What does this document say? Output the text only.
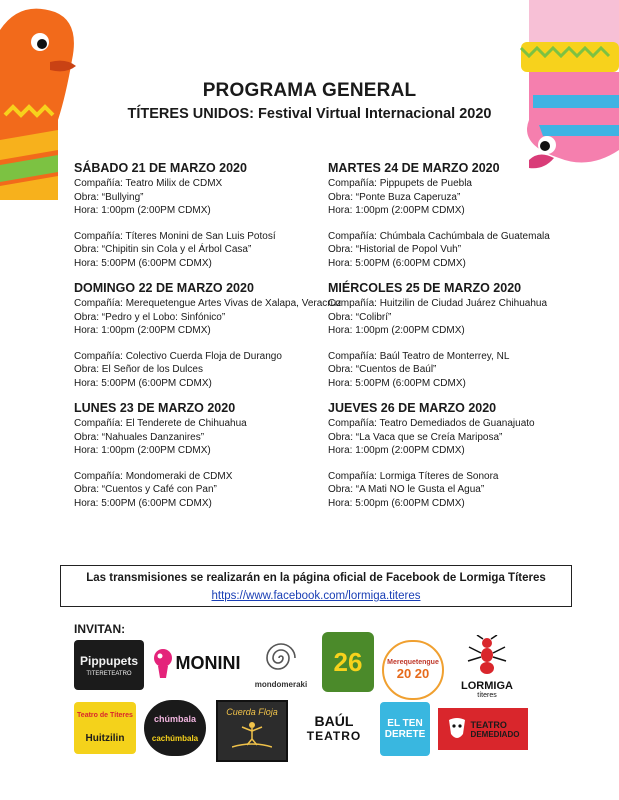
PROGRAMA GENERAL
TÍTERES UNIDOS: Festival Virtual Internacional 2020
SÁBADO 21 DE MARZO 2020
Compañía: Teatro Milix de CDMX
Obra: “Bullying”
Hora: 1:00pm (2:00PM CDMX)
Compañía: Títeres Monini de San Luis Potosí
Obra: “Chipitin sin Cola y el Árbol Casa”
Hora: 5:00PM (6:00PM CDMX)
DOMINGO 22 DE MARZO 2020
Compañía: Merequetengue Artes Vivas de Xalapa, Veracruz
Obra: “Pedro y el Lobo: Sinfónico”
Hora: 1:00pm (2:00PM CDMX)
Compañía: Colectivo Cuerda Floja de Durango
Obra: El Señor de los Dulces
Hora: 5:00PM (6:00PM CDMX)
LUNES 23 DE MARZO 2020
Compañía: El Tenderete de Chihuahua
Obra: “Nahuales Danzanires”
Hora: 1:00pm (2:00PM CDMX)
Compañía: Mondomeraki de CDMX
Obra: “Cuentos y Café con Pan”
Hora: 5:00PM (6:00PM CDMX)
MARTES 24 DE MARZO 2020
Compañía: Pippupets de Puebla
Obra: “Ponte Buza Caperuza”
Hora: 1:00pm (2:00PM CDMX)
Compañía: Chúmbala Cachúmbala de Guatemala
Obra: “Historial de Popol Vuh”
Hora: 5:00PM (6:00PM CDMX)
MIÉRCOLES 25 DE MARZO 2020
Compañía: Huitzilin de Ciudad Juárez Chihuahua
Obra: “Colibrí”
Hora: 1:00pm (2:00PM CDMX)
Compañía: Baúl Teatro de Monterrey, NL
Obra: “Cuentos de Baúl”
Hora: 5:00PM (6:00PM CDMX)
JUEVES 26 DE MARZO 2020
Compañía: Teatro Demediados de Guanajuato
Obra: “La Vaca que se Creía Mariposa”
Hora: 1:00pm (2:00PM CDMX)
Compañía: Lormiga Títeres de Sonora
Obra: “A Mati NO le Gusta el Agua”
Hora: 5:00pm (6:00PM CDMX)
Las transmisiones se realizarán en la página oficial de Facebook de Lormiga Títeres
https://www.facebook.com/lormiga.titeres
INVITAN:
Pippupets
TITERETEATRO
MONINI
mondomeraki
26	Merequetengue
20 20
LORMIGA
títeres
Teatro de Títeres
Huitzilin
chúmbala
cachúmbala
Cuerda Floja
BAÚL
TEATRO
EL TEN DERETE
TEATRO
DEMEDIADO
